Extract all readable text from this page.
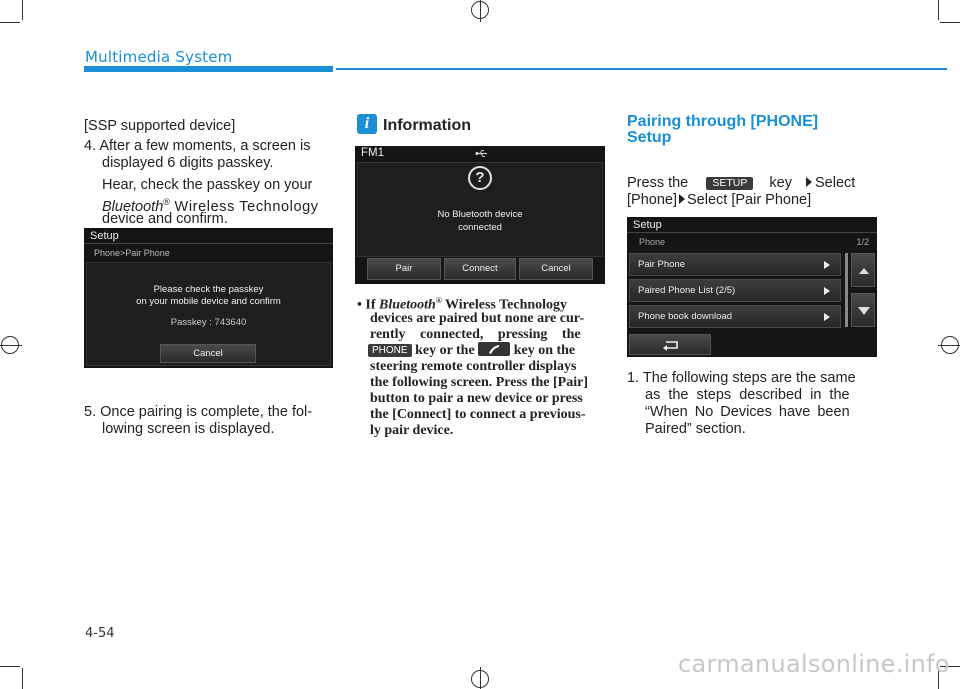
Multimedia System
[SSP supported device]
4. After a few moments, a screen is
displayed 6 digits passkey.
Hear, check the passkey on your
Bluetooth® Wireless Technology
device and confirm.
Setup
Phone>Pair Phone
Please check the passkey
on your mobile device and confirm
Passkey : 743640
Cancel
5. Once pairing is complete, the fol-
lowing screen is displayed.
i Information
FM1
?
No Bluetooth device
connected
Pair	Connect	Cancel
• If Bluetooth® Wireless Technology
devices are paired but none are cur-
rently connected, pressing the
PHONE key or the
key on the
steering remote controller displays
the following screen. Press the [Pair]
button to pair a new device or press
the [Connect] to connect a previous-
ly pair device.
Pairing through [PHONE]
Setup
Press the SETUP key Select
[Phone] Select [Pair Phone]
Setup
Phone	1/2
Pair Phone
Paired Phone List (2/5)
Phone book download
1. The following steps are the same
as the steps described in the
“When No Devices have been
Paired” section.
4-54
carmanualsonline.info
